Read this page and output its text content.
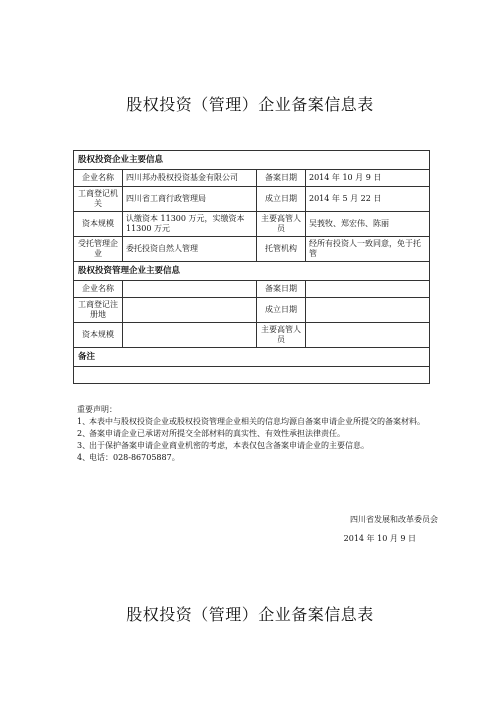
股权投资（管理）企业备案信息表
股权投资企业主要信息			
企业名称	四川邦办股权投资基金有限公司	备案日期	2014 年 10 月 9 日
工商登记机关	四川省工商行政管理局	成立日期	2014 年 5 月 22 日
资本规模	认缴资本 11300 万元，实缴资本 11300 万元	主要高管人员	吴莪牧、郑宏伟、陈丽
受托管理企业	委托投资自然人管理	托管机构	经所有投资人一致同意，免于托管
股权投资管理企业主要信息			
企业名称		备案日期	
工商登记注册地		成立日期	
资本规模		主要高管人员	
备注			

重要声明：
1、
本表中与股权投资企业或股权投资管理企业相关的信息均源自备案申请企业所提交的备案材料。
2、
备案申请企业已承诺对所提交全部材料的真实性、有效性承担法律责任。
3、
出于保护备案申请企业商业机密的考虑，本表仅包含备案申请企业的主要信息。
4、
电话：028-86705887。
四川省发展和改革委员会
2014 年 10 月 9 日
股权投资（管理）企业备案信息表
